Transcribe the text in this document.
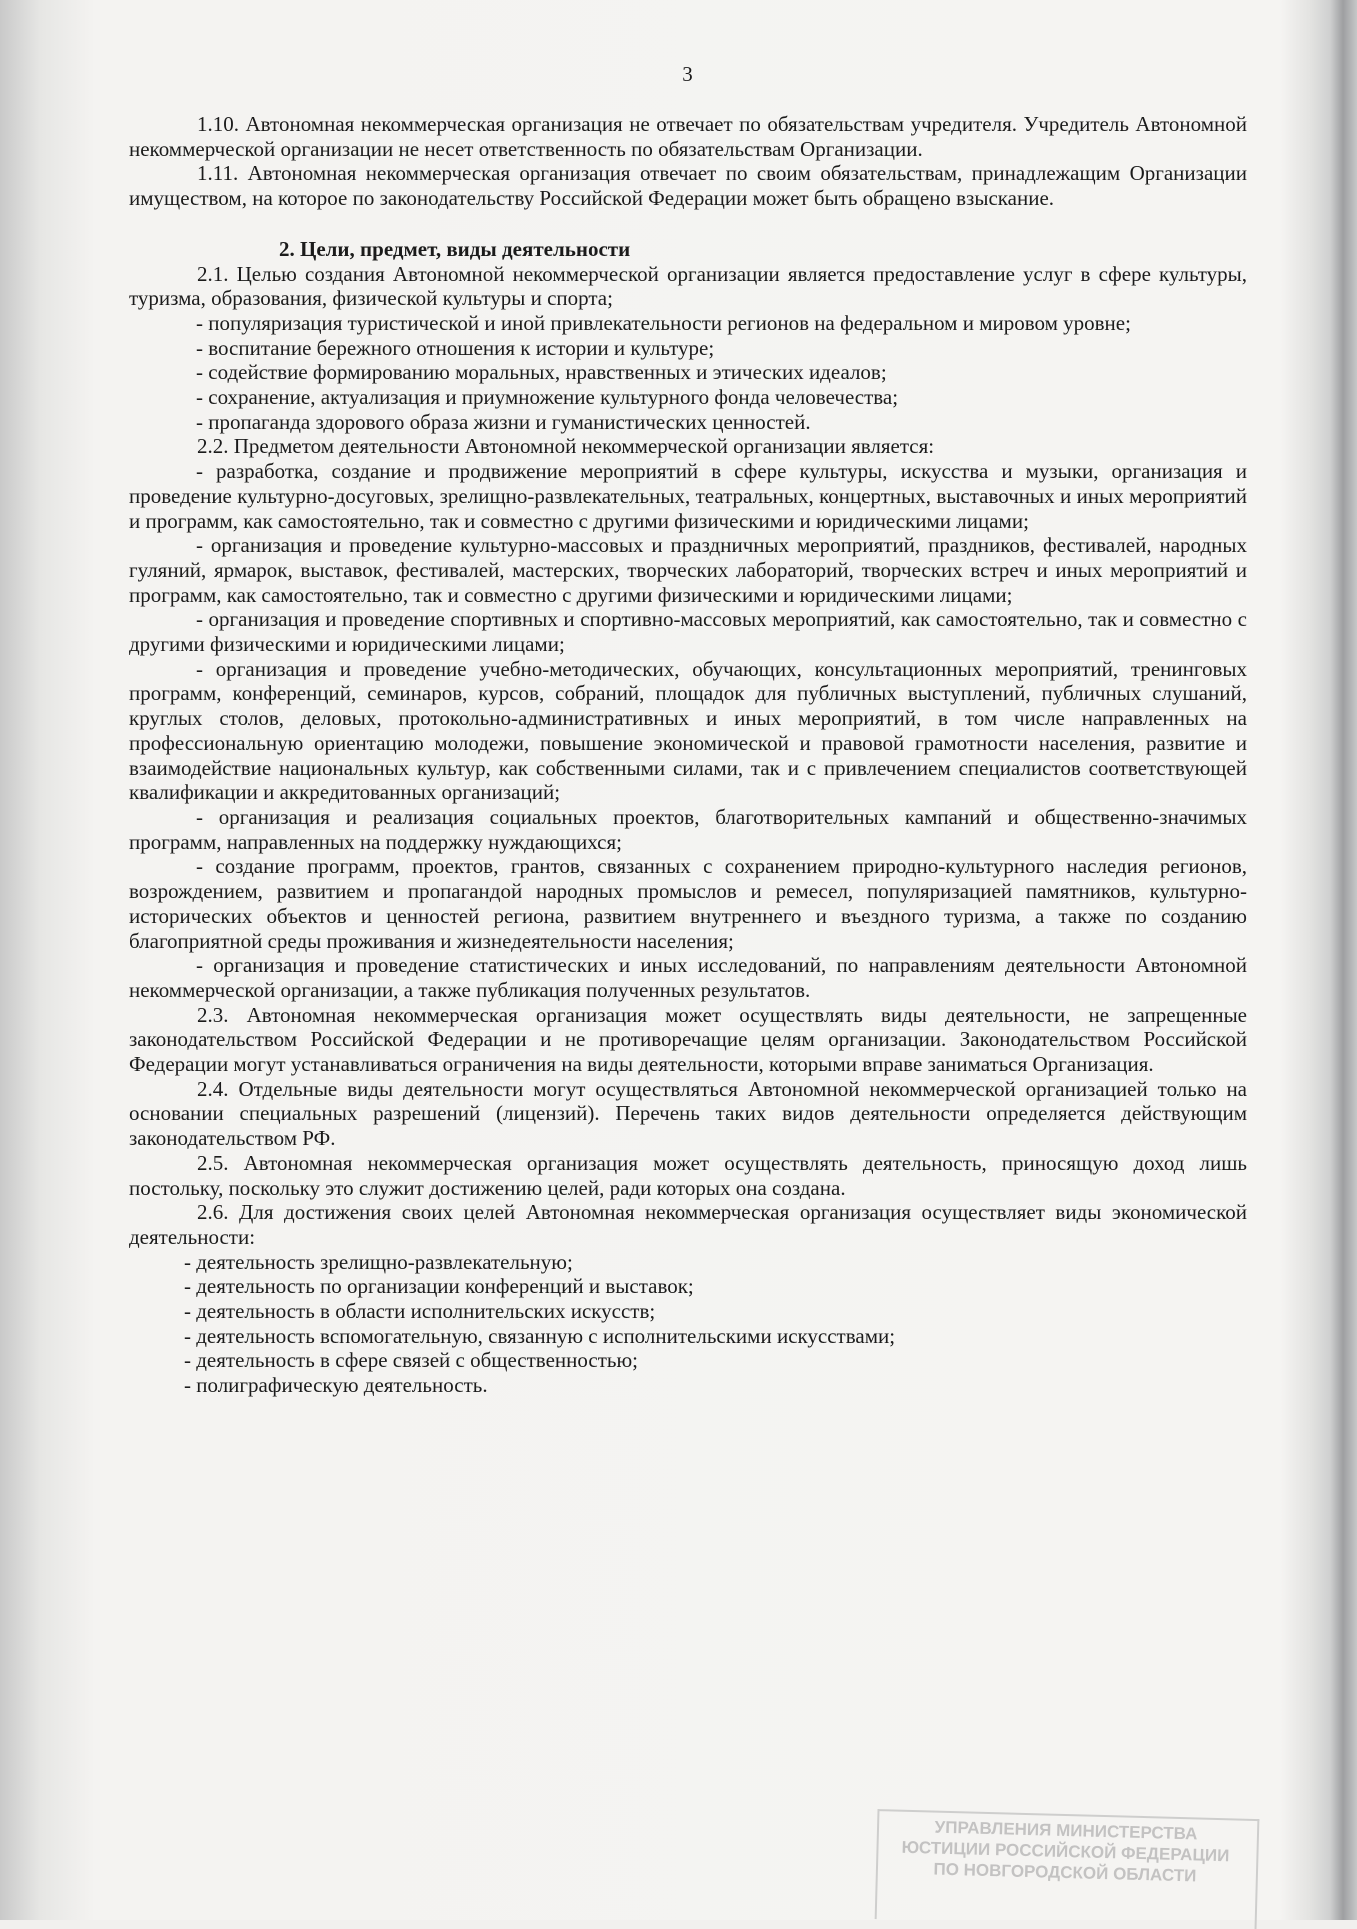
3

1.10. Автономная некоммерческая организация не отвечает по обязательствам учредителя. Учредитель Автономной некоммерческой организации не несет ответственность по обязательствам Организации.

1.11. Автономная некоммерческая организация отвечает по своим обязательствам, принадлежащим Организации имуществом, на которое по законодательству Российской Федерации может быть обращено взыскание.

2. Цели, предмет, виды деятельности

2.1. Целью создания Автономной некоммерческой организации является предоставление услуг в сфере культуры, туризма, образования, физической культуры и спорта;

- популяризация туристической и иной привлекательности регионов на федеральном и мировом уровне;

- воспитание бережного отношения к истории и культуре;

- содействие формированию моральных, нравственных и этических идеалов;

- сохранение, актуализация и приумножение культурного фонда человечества;

- пропаганда здорового образа жизни и гуманистических ценностей.

2.2. Предметом деятельности Автономной некоммерческой организации является:

- разработка, создание и продвижение мероприятий в сфере культуры, искусства и музыки, организация и проведение культурно-досуговых, зрелищно-развлекательных, театральных, концертных, выставочных и иных мероприятий и программ, как самостоятельно, так и совместно с другими физическими и юридическими лицами;

- организация и проведение культурно-массовых и праздничных мероприятий, праздников, фестивалей, народных гуляний, ярмарок, выставок, фестивалей, мастерских, творческих лабораторий, творческих встреч и иных мероприятий и программ, как самостоятельно, так и совместно с другими физическими и юридическими лицами;

- организация и проведение спортивных и спортивно-массовых мероприятий, как самостоятельно, так и совместно с другими физическими и юридическими лицами;

- организация и проведение учебно-методических, обучающих, консультационных мероприятий, тренинговых программ, конференций, семинаров, курсов, собраний, площадок для публичных выступлений, публичных слушаний, круглых столов, деловых, протокольно-административных и иных мероприятий, в том числе направленных на профессиональную ориентацию молодежи, повышение экономической и правовой грамотности населения, развитие и взаимодействие национальных культур, как собственными силами, так и с привлечением специалистов соответствующей квалификации и аккредитованных организаций;

- организация и реализация социальных проектов, благотворительных кампаний и общественно-значимых программ, направленных на поддержку нуждающихся;

- создание программ, проектов, грантов, связанных с сохранением природно-культурного наследия регионов, возрождением, развитием и пропагандой народных промыслов и ремесел, популяризацией памятников, культурно-исторических объектов и ценностей региона, развитием внутреннего и въездного туризма, а также по созданию благоприятной среды проживания и жизнедеятельности населения;

- организация и проведение статистических и иных исследований, по направлениям деятельности Автономной некоммерческой организации, а также публикация полученных результатов.

2.3. Автономная некоммерческая организация может осуществлять виды деятельности, не запрещенные законодательством Российской Федерации и не противоречащие целям организации. Законодательством Российской Федерации могут устанавливаться ограничения на виды деятельности, которыми вправе заниматься Организация.

2.4. Отдельные виды деятельности могут осуществляться Автономной некоммерческой организацией только на основании специальных разрешений (лицензий). Перечень таких видов деятельности определяется действующим законодательством РФ.

2.5. Автономная некоммерческая организация может осуществлять деятельность, приносящую доход лишь постольку, поскольку это служит достижению целей, ради которых она создана.

2.6. Для достижения своих целей Автономная некоммерческая организация осуществляет виды экономической деятельности:

- деятельность зрелищно-развлекательную;

- деятельность по организации конференций и выставок;

- деятельность в области исполнительских искусств;

- деятельность вспомогательную, связанную с исполнительскими искусствами;

- деятельность в сфере связей с общественностью;

- полиграфическую деятельность.

УПРАВЛЕНИЯ МИНИСТЕРСТВА
ЮСТИЦИИ РОССИЙСКОЙ ФЕДЕРАЦИИ
ПО НОВГОРОДСКОЙ ОБЛАСТИ
